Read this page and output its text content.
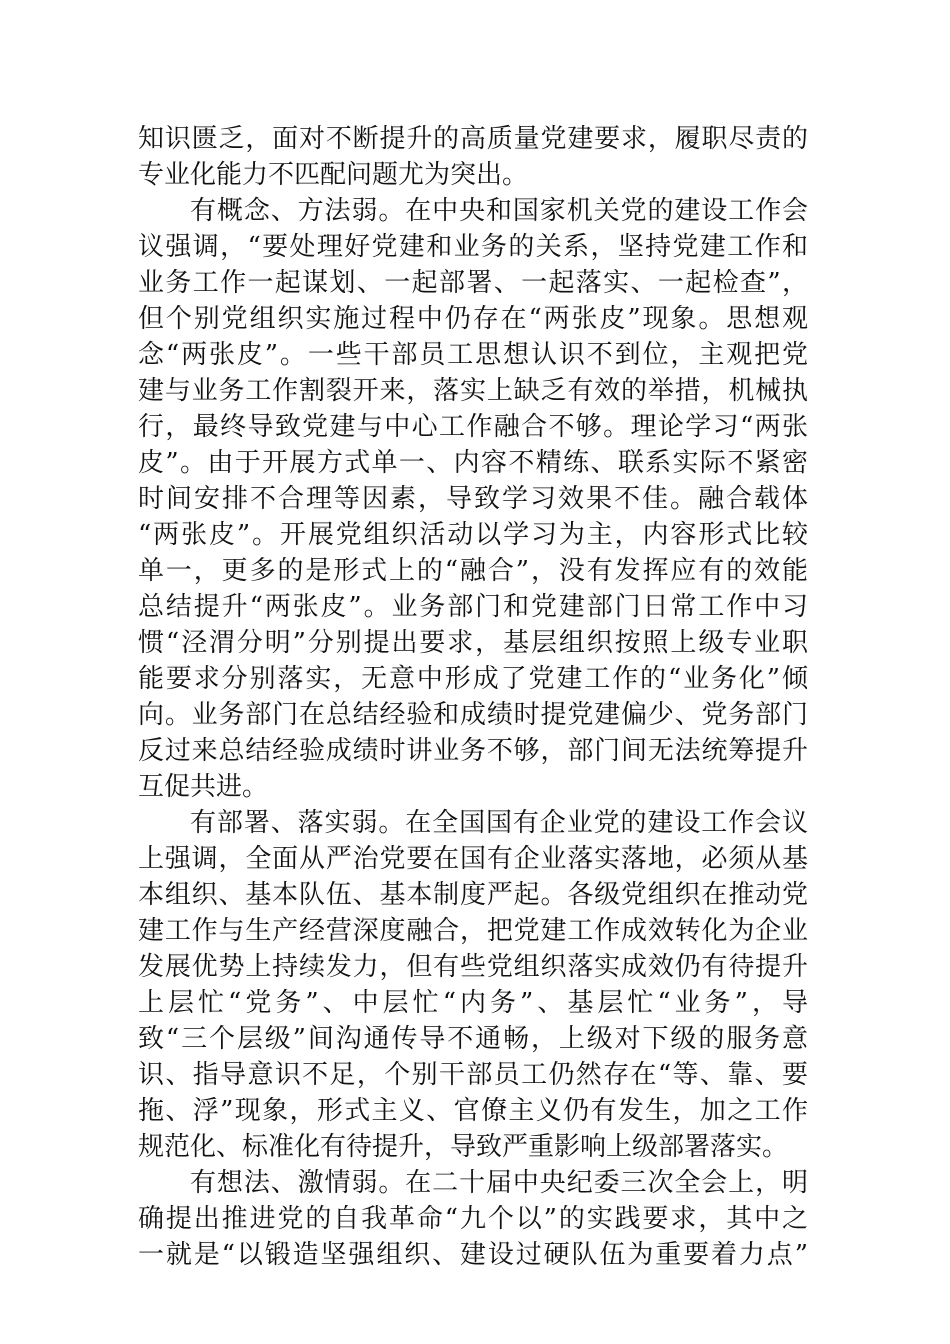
知识匮乏，面对不断提升的高质量党建要求，履职尽责的
专业化能力不匹配问题尤为突出。
有概念、方法弱。在中央和国家机关党的建设工作会
议强调，“要处理好党建和业务的关系，坚持党建工作和
业务工作一起谋划、一起部署、一起落实、一起检查”，
但个别党组织实施过程中仍存在“两张皮”现象。思想观
念“两张皮”。一些干部员工思想认识不到位，主观把党
建与业务工作割裂开来，落实上缺乏有效的举措，机械执
行，最终导致党建与中心工作融合不够。理论学习“两张
皮”。由于开展方式单一、内容不精练、联系实际不紧密
时间安排不合理等因素，导致学习效果不佳。融合载体
“两张皮”。开展党组织活动以学习为主，内容形式比较
单一，更多的是形式上的“融合”，没有发挥应有的效能
总结提升“两张皮”。业务部门和党建部门日常工作中习
惯“泾渭分明”分别提出要求，基层组织按照上级专业职
能要求分别落实，无意中形成了党建工作的“业务化”倾
向。业务部门在总结经验和成绩时提党建偏少、党务部门
反过来总结经验成绩时讲业务不够，部门间无法统筹提升
互促共进。
有部署、落实弱。在全国国有企业党的建设工作会议
上强调，全面从严治党要在国有企业落实落地，必须从基
本组织、基本队伍、基本制度严起。各级党组织在推动党
建工作与生产经营深度融合，把党建工作成效转化为企业
发展优势上持续发力，但有些党组织落实成效仍有待提升
上层忙“党务”、中层忙“内务”、基层忙“业务”，导
致“三个层级”间沟通传导不通畅，上级对下级的服务意
识、指导意识不足，个别干部员工仍然存在“等、靠、要
拖、浮”现象，形式主义、官僚主义仍有发生，加之工作
规范化、标准化有待提升，导致严重影响上级部署落实。
有想法、激情弱。在二十届中央纪委三次全会上，明
确提出推进党的自我革命“九个以”的实践要求，其中之
一就是“以锻造坚强组织、建设过硬队伍为重要着力点”
